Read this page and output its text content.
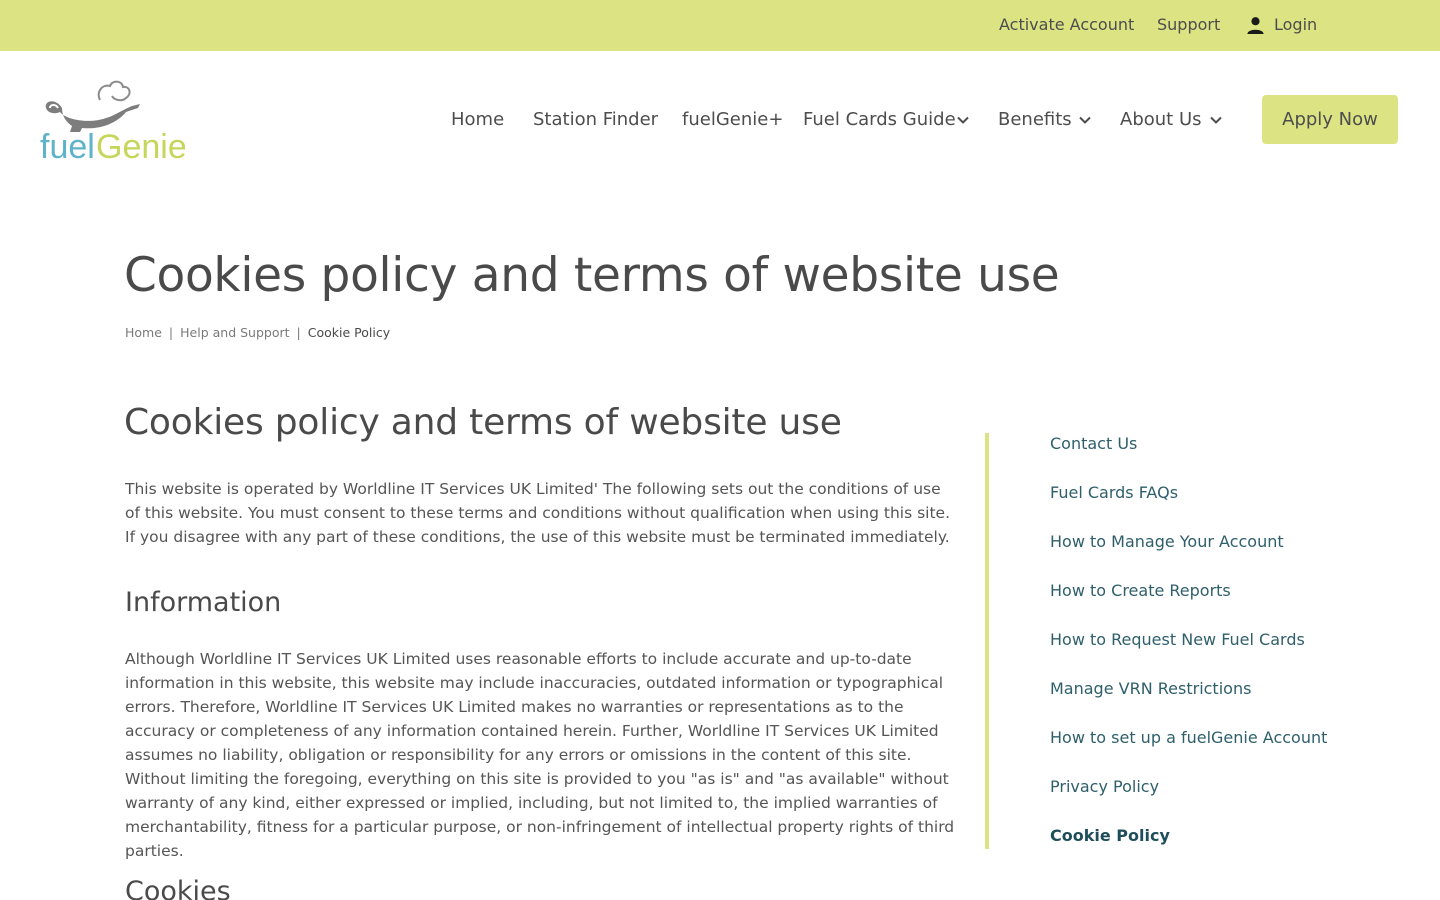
Activate Account Support	Login
fuel Genie
Home Station Finder fuelGenie+ Fuel Cards Guide	Benefits	About Us	Apply Now
Cookies policy and terms of website use
Home | Help and Support | Cookie Policy
Cookies policy and terms of website use

This website is operated by Worldline IT Services UK Limited' The following sets out the conditions of use of this website. You must consent to these terms and conditions without qualification when using this site. If you disagree with any part of these conditions, the use of this website must be terminated immediately.

Information

Although Worldline IT Services UK Limited uses reasonable efforts to include accurate and up-to-date information in this website, this website may include inaccuracies, outdated information or typographical errors. Therefore, Worldline IT Services UK Limited makes no warranties or representations as to the accuracy or completeness of any information contained herein. Further, Worldline IT Services UK Limited assumes no liability, obligation or responsibility for any errors or omissions in the content of this site. Without limiting the foregoing, everything on this site is provided to you "as is" and "as available" without warranty of any kind, either expressed or implied, including, but not limited to, the implied warranties of merchantability, fitness for a particular purpose, or non-infringement of intellectual property rights of third parties.

Cookies
Contact Us
Fuel Cards FAQs
How to Manage Your Account
How to Create Reports
How to Request New Fuel Cards
Manage VRN Restrictions
How to set up a fuelGenie Account
Privacy Policy
Cookie Policy
